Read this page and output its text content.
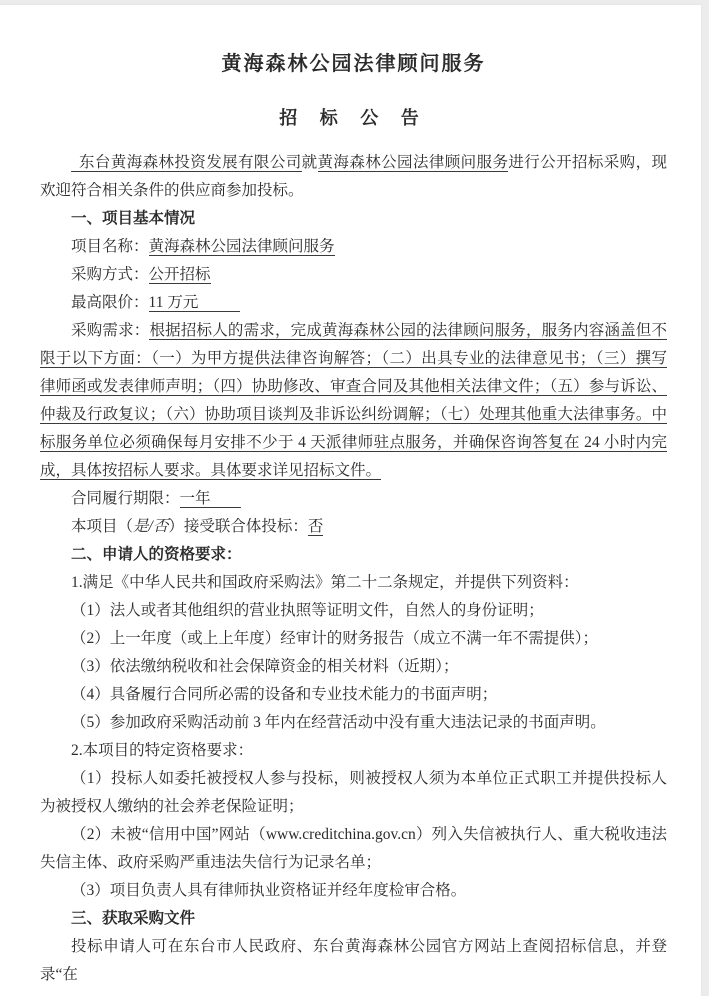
黄海森林公园法律顾问服务
招 标 公 告

东台黄海森林投资发展有限公司就黄海森林公园法律顾问服务进行公开招标采购，现欢迎符合相关条件的供应商参加投标。

一、项目基本情况

项目名称：黄海森林公园法律顾问服务

采购方式：公开招标

最高限价：11 万元

采购需求：根据招标人的需求，完成黄海森林公园的法律顾问服务，服务内容涵盖但不限于以下方面：（一）为甲方提供法律咨询解答；（二）出具专业的法律意见书；（三）撰写律师函或发表律师声明；（四）协助修改、审查合同及其他相关法律文件；（五）参与诉讼、仲裁及行政复议；（六）协助项目谈判及非诉讼纠纷调解；（七）处理其他重大法律事务。中标服务单位必须确保每月安排不少于 4 天派律师驻点服务，并确保咨询答复在 24 小时内完成，具体按招标人要求。具体要求详见招标文件。

合同履行期限：一年

本项目（是/否）接受联合体投标：否

二、申请人的资格要求：

1.满足《中华人民共和国政府采购法》第二十二条规定，并提供下列资料：

（1）法人或者其他组织的营业执照等证明文件，自然人的身份证明；

（2）上一年度（或上上年度）经审计的财务报告（成立不满一年不需提供）；

（3）依法缴纳税收和社会保障资金的相关材料（近期）；

（4）具备履行合同所必需的设备和专业技术能力的书面声明；

（5）参加政府采购活动前 3 年内在经营活动中没有重大违法记录的书面声明。

2.本项目的特定资格要求：

（1）投标人如委托被授权人参与投标，则被授权人须为本单位正式职工并提供投标人为被授权人缴纳的社会养老保险证明；

（2）未被“信用中国”网站（www.creditchina.gov.cn）列入失信被执行人、重大税收违法失信主体、政府采购严重违法失信行为记录名单；

（3）项目负责人具有律师执业资格证并经年度检审合格。

三、获取采购文件

投标申请人可在东台市人民政府、东台黄海森林公园官方网站上查阅招标信息，并登录“在
